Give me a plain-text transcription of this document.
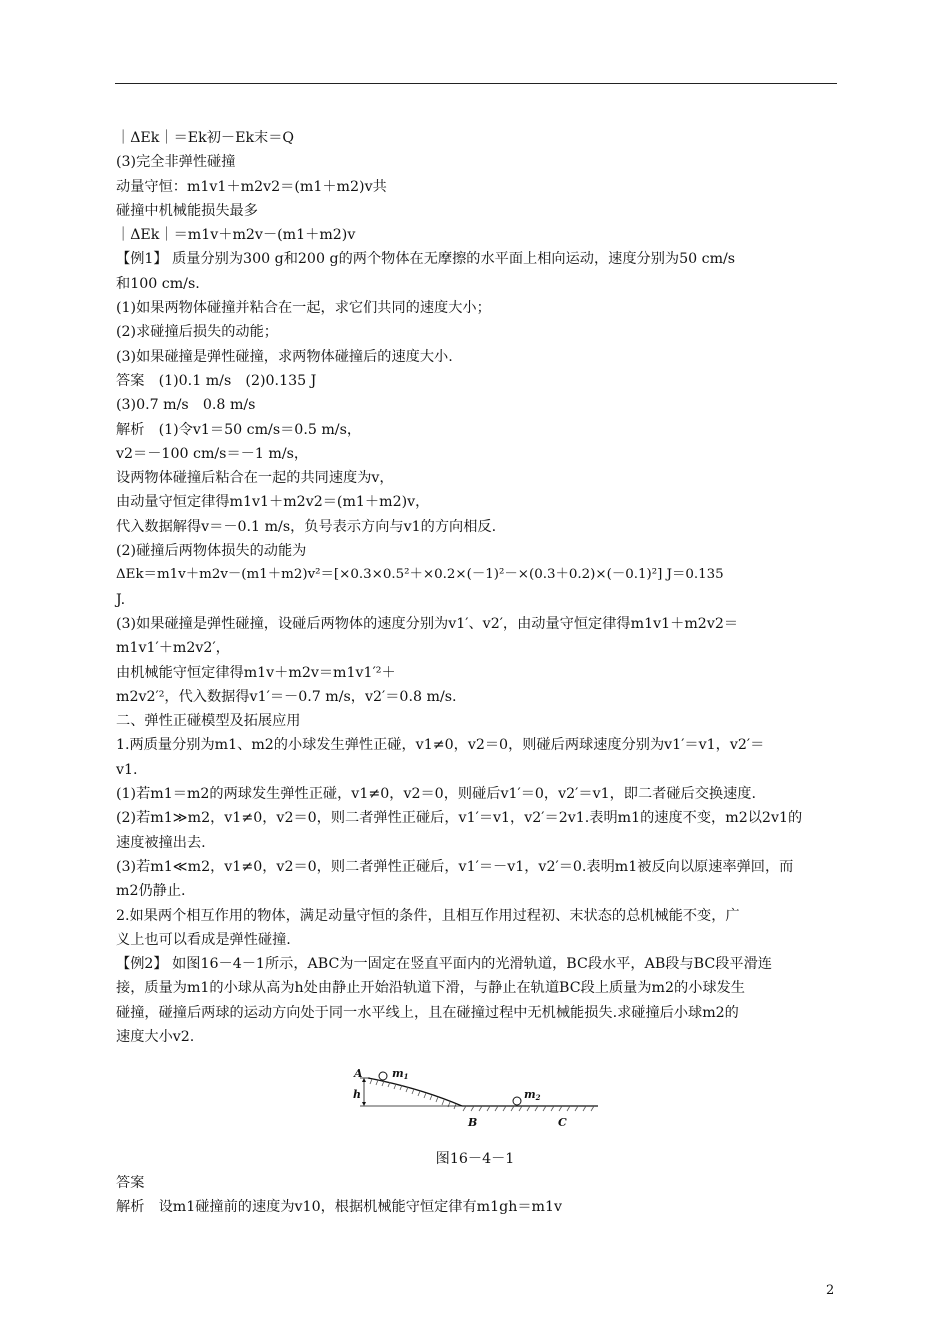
｜ΔEk｜＝Ek初－Ek末＝Q
(3)完全非弹性碰撞
动量守恒：m1v1＋m2v2＝(m1＋m2)v共
碰撞中机械能损失最多
｜ΔEk｜＝m1v＋m2v－(m1＋m2)v
【例1】 质量分别为300 g和200 g的两个物体在无摩擦的水平面上相向运动，速度分别为50 cm/s
和100 cm/s.
(1)如果两物体碰撞并粘合在一起，求它们共同的速度大小；
(2)求碰撞后损失的动能；
(3)如果碰撞是弹性碰撞，求两物体碰撞后的速度大小.
答案　(1)0.1 m/s　(2)0.135 J
(3)0.7 m/s　0.8 m/s
解析　(1)令v1＝50 cm/s＝0.5 m/s，
v2＝－100 cm/s＝－1 m/s，
设两物体碰撞后粘合在一起的共同速度为v，
由动量守恒定律得m1v1＋m2v2＝(m1＋m2)v，
代入数据解得v＝－0.1 m/s，负号表示方向与v1的方向相反.
(2)碰撞后两物体损失的动能为
ΔEk＝m1v＋m2v－(m1＋m2)v²＝[×0.3×0.5²＋×0.2×(－1)²－×(0.3＋0.2)×(－0.1)²] J＝0.135
J.
(3)如果碰撞是弹性碰撞，设碰后两物体的速度分别为v1′、v2′，由动量守恒定律得m1v1＋m2v2＝
m1v1′＋m2v2′，
由机械能守恒定律得m1v＋m2v＝m1v1′²＋
m2v2′²，代入数据得v1′＝－0.7 m/s，v2′＝0.8 m/s.
二、弹性正碰模型及拓展应用
1.两质量分别为m1、m2的小球发生弹性正碰，v1≠0，v2＝0，则碰后两球速度分别为v1′＝v1，v2′＝
v1.
(1)若m1＝m2的两球发生弹性正碰，v1≠0，v2＝0，则碰后v1′＝0，v2′＝v1，即二者碰后交换速度.
(2)若m1≫m2，v1≠0，v2＝0，则二者弹性正碰后，v1′＝v1，v2′＝2v1.表明m1的速度不变，m2以2v1的
速度被撞出去.
(3)若m1≪m2，v1≠0，v2＝0，则二者弹性正碰后，v1′＝－v1，v2′＝0.表明m1被反向以原速率弹回，而
m2仍静止.
2.如果两个相互作用的物体，满足动量守恒的条件，且相互作用过程初、末状态的总机械能不变，广
义上也可以看成是弹性碰撞.
【例2】 如图16－4－1所示，ABC为一固定在竖直平面内的光滑轨道，BC段水平，AB段与BC段平滑连
接，质量为m1的小球从高为h处由静止开始沿轨道下滑，与静止在轨道BC段上质量为m2的小球发生
碰撞，碰撞后两球的运动方向处于同一水平线上，且在碰撞过程中无机械能损失.求碰撞后小球m2的
速度大小v2.
A
h
m1
m2
B	C
图16－4－1
答案
解析　设m1碰撞前的速度为v10，根据机械能守恒定律有m1gh＝m1v
2
